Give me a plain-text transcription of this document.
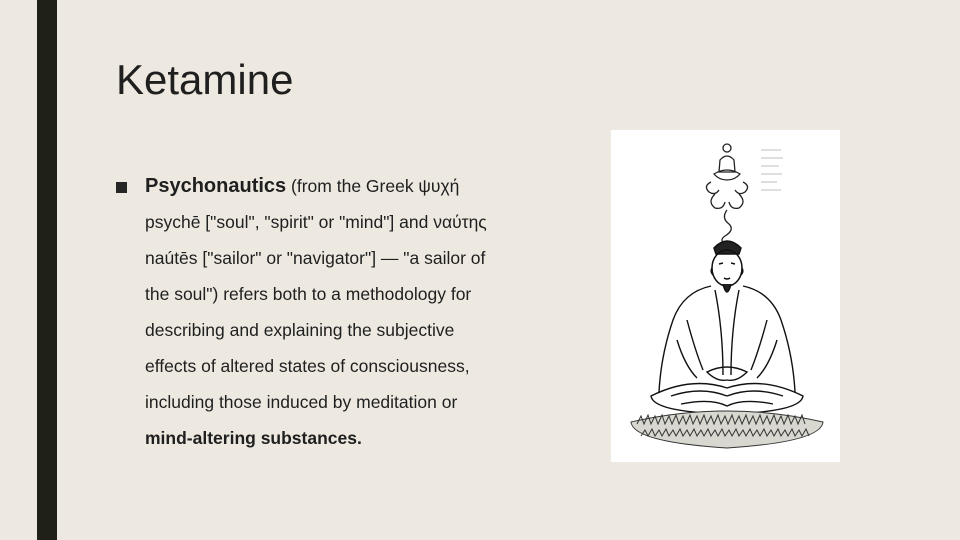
Ketamine
Psychonautics (from the Greek ψυχή
psychē ["soul", "spirit" or "mind"] and ναύτης
naútēs ["sailor" or "navigator"] — "a sailor of
the soul") refers both to a methodology for
describing and explaining the subjective
effects of altered states of consciousness,
including those induced by meditation or
mind-altering substances.
